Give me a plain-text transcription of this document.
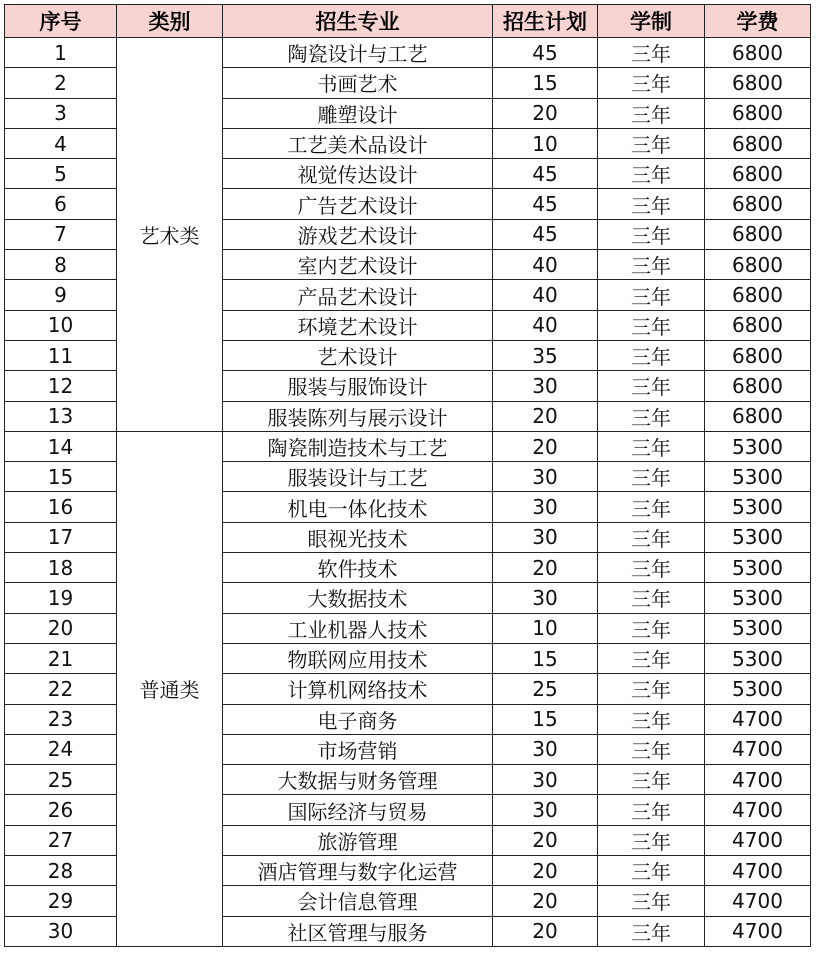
序号	类别	招生专业	招生计划	学制	学费
1	艺术类	陶瓷设计与工艺	45	三年	6800
2		书画艺术	15	三年	6800
3		雕塑设计	20	三年	6800
4		工艺美术品设计	10	三年	6800
5		视觉传达设计	45	三年	6800
6		广告艺术设计	45	三年	6800
7		游戏艺术设计	45	三年	6800
8		室内艺术设计	40	三年	6800
9		产品艺术设计	40	三年	6800
10		环境艺术设计	40	三年	6800
11		艺术设计	35	三年	6800
12		服装与服饰设计	30	三年	6800
13		服装陈列与展示设计	20	三年	6800
14	普通类	陶瓷制造技术与工艺	20	三年	5300
15		服装设计与工艺	30	三年	5300
16		机电一体化技术	30	三年	5300
17		眼视光技术	30	三年	5300
18		软件技术	20	三年	5300
19		大数据技术	30	三年	5300
20		工业机器人技术	10	三年	5300
21		物联网应用技术	15	三年	5300
22		计算机网络技术	25	三年	5300
23		电子商务	15	三年	4700
24		市场营销	30	三年	4700
25		大数据与财务管理	30	三年	4700
26		国际经济与贸易	30	三年	4700
27		旅游管理	20	三年	4700
28		酒店管理与数字化运营	20	三年	4700
29		会计信息管理	20	三年	4700
30		社区管理与服务	20	三年	4700
